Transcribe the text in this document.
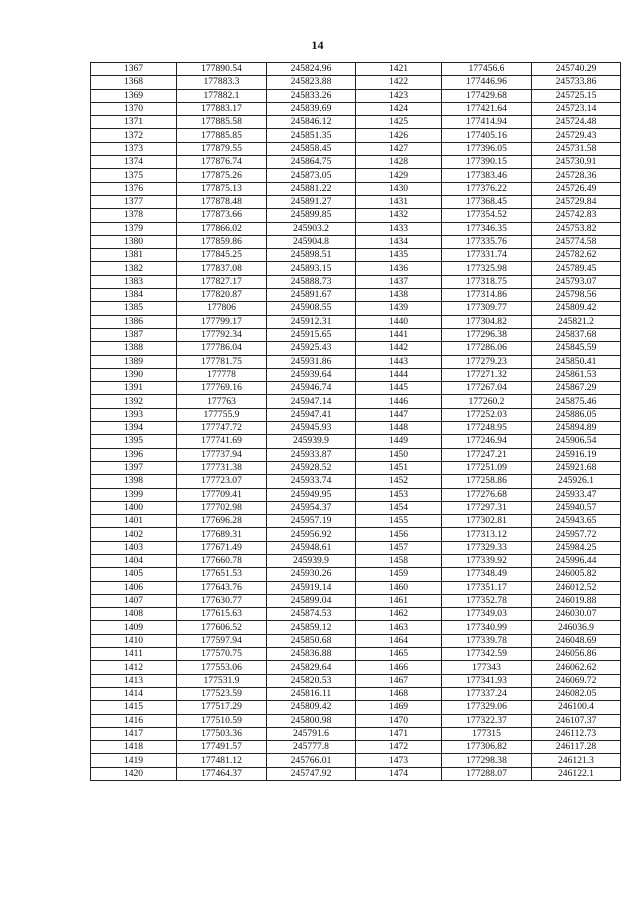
14
1367	177890.54	245824.96	1421	177456.6	245740.29
1368	177883.3	245823.88	1422	177446.96	245733.86
1369	177882.1	245833.26	1423	177429.68	245725.15
1370	177883.17	245839.69	1424	177421.64	245723.14
1371	177885.58	245846.12	1425	177414.94	245724.48
1372	177885.85	245851.35	1426	177405.16	245729.43
1373	177879.55	245858.45	1427	177396.05	245731.58
1374	177876.74	245864.75	1428	177390.15	245730.91
1375	177875.26	245873.05	1429	177383.46	245728.36
1376	177875.13	245881.22	1430	177376.22	245726.49
1377	177878.48	245891.27	1431	177368.45	245729.84
1378	177873.66	245899.85	1432	177354.52	245742.83
1379	177866.02	245903.2	1433	177346.35	245753.82
1380	177859.86	245904.8	1434	177335.76	245774.58
1381	177845.25	245898.51	1435	177331.74	245782.62
1382	177837.08	245893.15	1436	177325.98	245789.45
1383	177827.17	245888.73	1437	177318.75	245793.07
1384	177820.87	245891.67	1438	177314.86	245798.56
1385	177806	245908.55	1439	177309.77	245809.42
1386	177799.17	245912.31	1440	177304.82	245821.2
1387	177792.34	245915.65	1441	177296.38	245837.68
1388	177786.04	245925.43	1442	177286.06	245845.59
1389	177781.75	245931.86	1443	177279.23	245850.41
1390	177778	245939.64	1444	177271.32	245861.53
1391	177769.16	245946.74	1445	177267.04	245867.29
1392	177763	245947.14	1446	177260.2	245875.46
1393	177755.9	245947.41	1447	177252.03	245886.05
1394	177747.72	245945.93	1448	177248.95	245894.89
1395	177741.69	245939.9	1449	177246.94	245906.54
1396	177737.94	245933.87	1450	177247.21	245916.19
1397	177731.38	245928.52	1451	177251.09	245921.68
1398	177723.07	245933.74	1452	177258.86	245926.1
1399	177709.41	245949.95	1453	177276.68	245933.47
1400	177702.98	245954.37	1454	177297.31	245940.57
1401	177696.28	245957.19	1455	177302.81	245943.65
1402	177689.31	245956.92	1456	177313.12	245957.72
1403	177671.49	245948.61	1457	177329.33	245984.25
1404	177660.78	245939.9	1458	177339.92	245996.44
1405	177651.53	245930.26	1459	177348.49	246005.82
1406	177643.76	245919.14	1460	177351.17	246012.52
1407	177630.77	245899.04	1461	177352.78	246019.88
1408	177615.63	245874.53	1462	177349.03	246030.07
1409	177606.52	245859.12	1463	177340.99	246036.9
1410	177597.94	245850.68	1464	177339.78	246048.69
1411	177570.75	245836.88	1465	177342.59	246056.86
1412	177553.06	245829.64	1466	177343	246062.62
1413	177531.9	245820.53	1467	177341.93	246069.72
1414	177523.59	245816.11	1468	177337.24	246082.05
1415	177517.29	245809.42	1469	177329.06	246100.4
1416	177510.59	245800.98	1470	177322.37	246107.37
1417	177503.36	245791.6	1471	177315	246112.73
1418	177491.57	245777.8	1472	177306.82	246117.28
1419	177481.12	245766.01	1473	177298.38	246121.3
1420	177464.37	245747.92	1474	177288.07	246122.1
